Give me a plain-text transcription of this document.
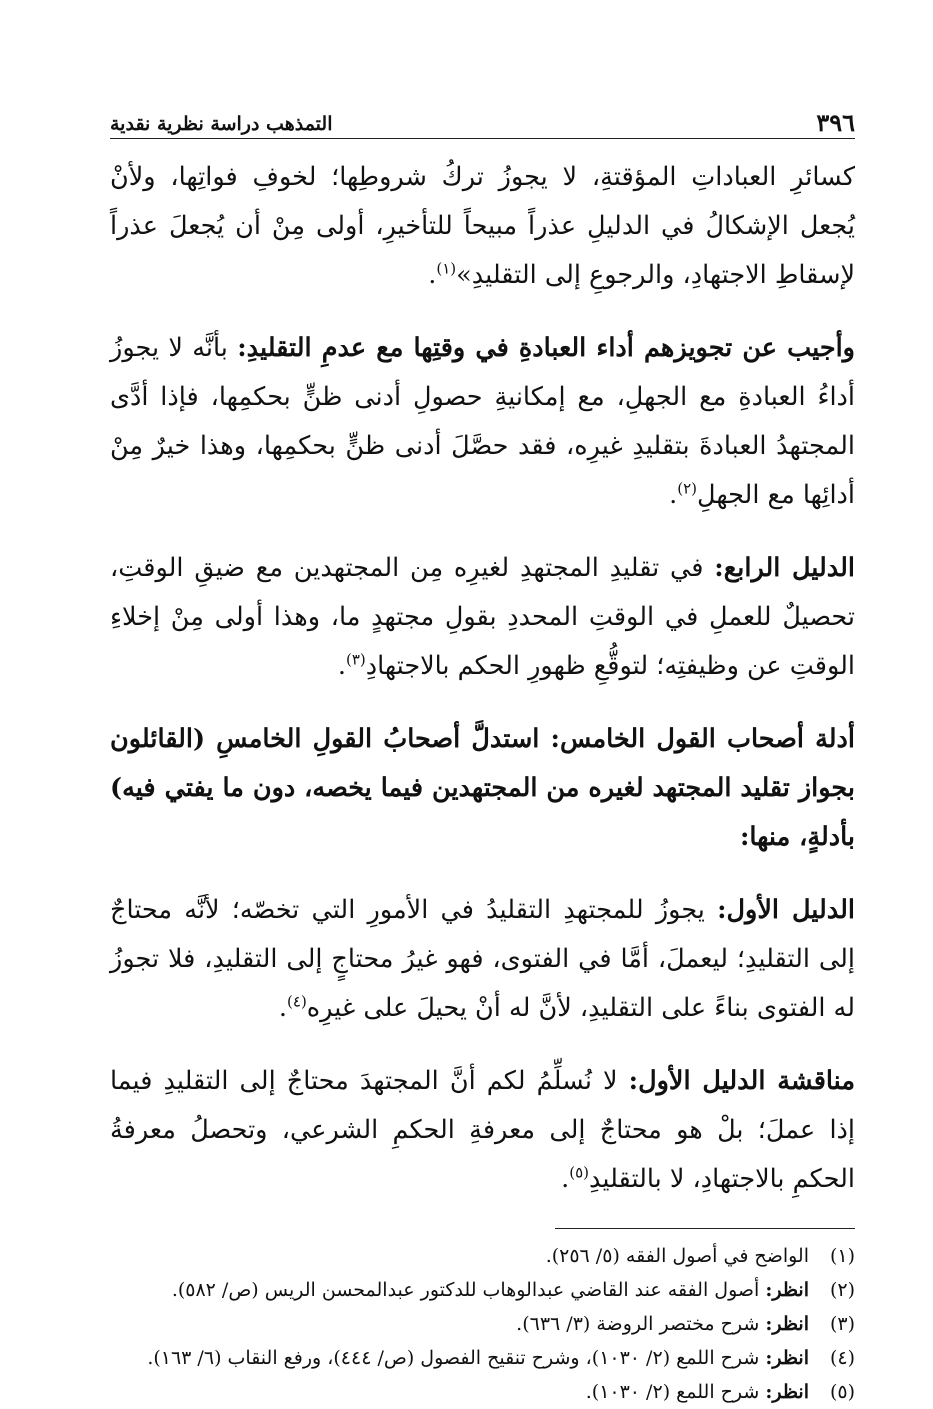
٣٩٦
التمذهب دراسة نظرية نقدية

كسائرِ العباداتِ المؤقتةِ، لا يجوزُ تركُ شروطِها؛ لخوفِ فواتِها، ولأنْ يُجعل الإشكالُ في الدليلِ عذراً مبيحاً للتأخيرِ، أولى مِنْ أن يُجعلَ عذراً لإسقاطِ الاجتهادِ، والرجوعِ إلى التقليدِ»$^{(١)}$.

وأجيب عن تجويزهم أداء العبادةِ في وقتِها مع عدمِ التقليدِ: بأنَّه لا يجوزُ أداءُ العبادةِ مع الجهلِ، مع إمكانيةِ حصولِ أدنى ظنٍّ بحكمِها، فإذا أدَّى المجتهدُ العبادةَ بتقليدِ غيرِه، فقد حصَّلَ أدنى ظنٍّ بحكمِها، وهذا خيرٌ مِنْ أدائِها مع الجهلِ$^{(٢)}$.

الدليل الرابع: في تقليدِ المجتهدِ لغيرِه مِن المجتهدين مع ضيقِ الوقتِ، تحصيلٌ للعملِ في الوقتِ المحددِ بقولِ مجتهدٍ ما، وهذا أولى مِنْ إخلاءِ الوقتِ عن وظيفتِه؛ لتوقُّعِ ظهورِ الحكم بالاجتهادِ$^{(٣)}$.

أدلة أصحاب القول الخامس: استدلَّ أصحابُ القولِ الخامسِ (القائلون بجواز تقليد المجتهد لغيره من المجتهدين فيما يخصه، دون ما يفتي فيه) بأدلةٍ، منها:

الدليل الأول: يجوزُ للمجتهدِ التقليدُ في الأمورِ التي تخصّه؛ لأنَّه محتاجٌ إلى التقليدِ؛ ليعملَ، أمَّا في الفتوى، فهو غيرُ محتاجٍ إلى التقليدِ، فلا تجوزُ له الفتوى بناءً على التقليدِ، لأنَّ له أنْ يحيلَ على غيرِه$^{(٤)}$.

مناقشة الدليل الأول: لا نُسلِّمُ لكم أنَّ المجتهدَ محتاجٌ إلى التقليدِ فيما إذا عملَ؛ بلْ هو محتاجٌ إلى معرفةِ الحكمِ الشرعي، وتحصلُ معرفةُ الحكمِ بالاجتهادِ، لا بالتقليدِ$^{(٥)}$.

(١)
الواضح في أصول الفقه (٥/ ٢٥٦).
(٢)
انظر: أصول الفقه عند القاضي عبدالوهاب للدكتور عبدالمحسن الريس (ص/ ٥٨٢).
(٣)
انظر: شرح مختصر الروضة (٣/ ٦٣٦).
(٤)
انظر: شرح اللمع (٢/ ١٠٣٠)، وشرح تنقيح الفصول (ص/ ٤٤٤)، ورفع النقاب (٦/ ١٦٣).
(٥)
انظر: شرح اللمع (٢/ ١٠٣٠).
